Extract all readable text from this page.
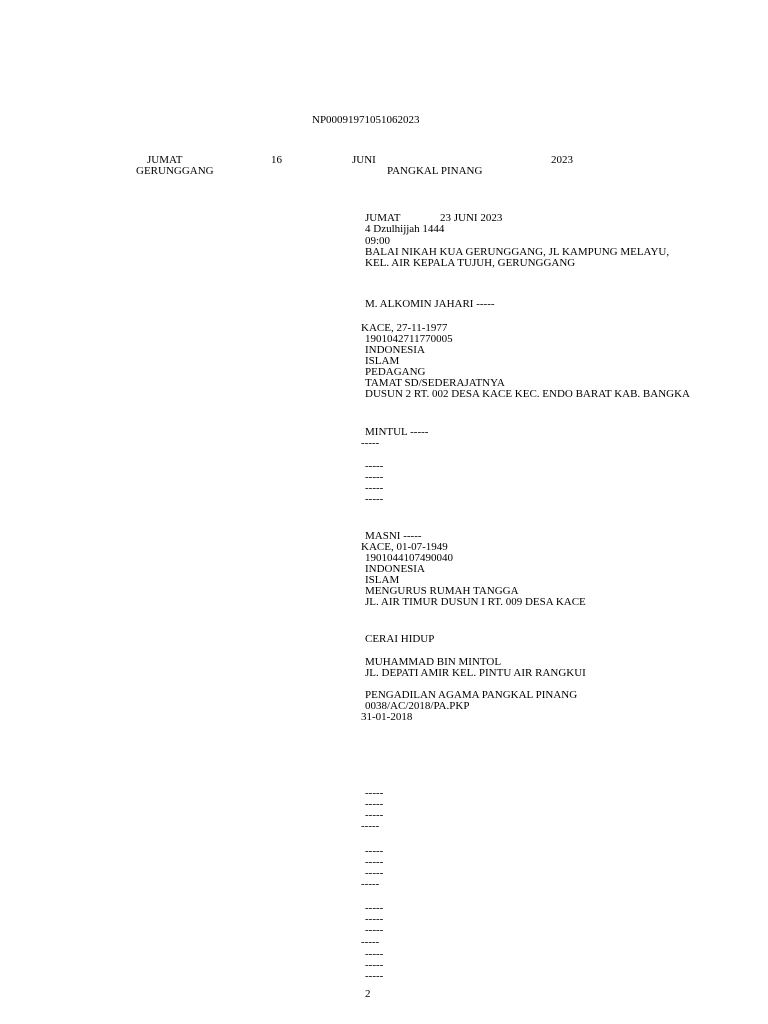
NP00091971051062023
JUMAT	16	JUNI	2023
GERUNGGANG	PANGKAL PINANG
JUMAT	23 JUNI 2023
4 Dzulhijjah 1444
09:00
BALAI NIKAH KUA GERUNGGANG, JL KAMPUNG MELAYU,
KEL. AIR KEPALA TUJUH, GERUNGGANG
M. ALKOMIN JAHARI -----
KACE, 27-11-1977
1901042711770005
INDONESIA
ISLAM
PEDAGANG
TAMAT SD/SEDERAJATNYA
DUSUN 2 RT. 002 DESA KACE KEC. ENDO BARAT KAB. BANGKA
MINTUL -----
-----
-----
-----
-----
-----
MASNI -----
KACE, 01-07-1949
1901044107490040
INDONESIA
ISLAM
MENGURUS RUMAH TANGGA
JL. AIR TIMUR DUSUN I RT. 009 DESA KACE
CERAI HIDUP
MUHAMMAD BIN MINTOL
JL. DEPATI AMIR KEL. PINTU AIR RANGKUI
PENGADILAN AGAMA PANGKAL PINANG
0038/AC/2018/PA.PKP
31-01-2018
-----
-----
-----
-----
-----
-----
-----
-----
-----
-----
-----
-----
-----
-----
-----
2
